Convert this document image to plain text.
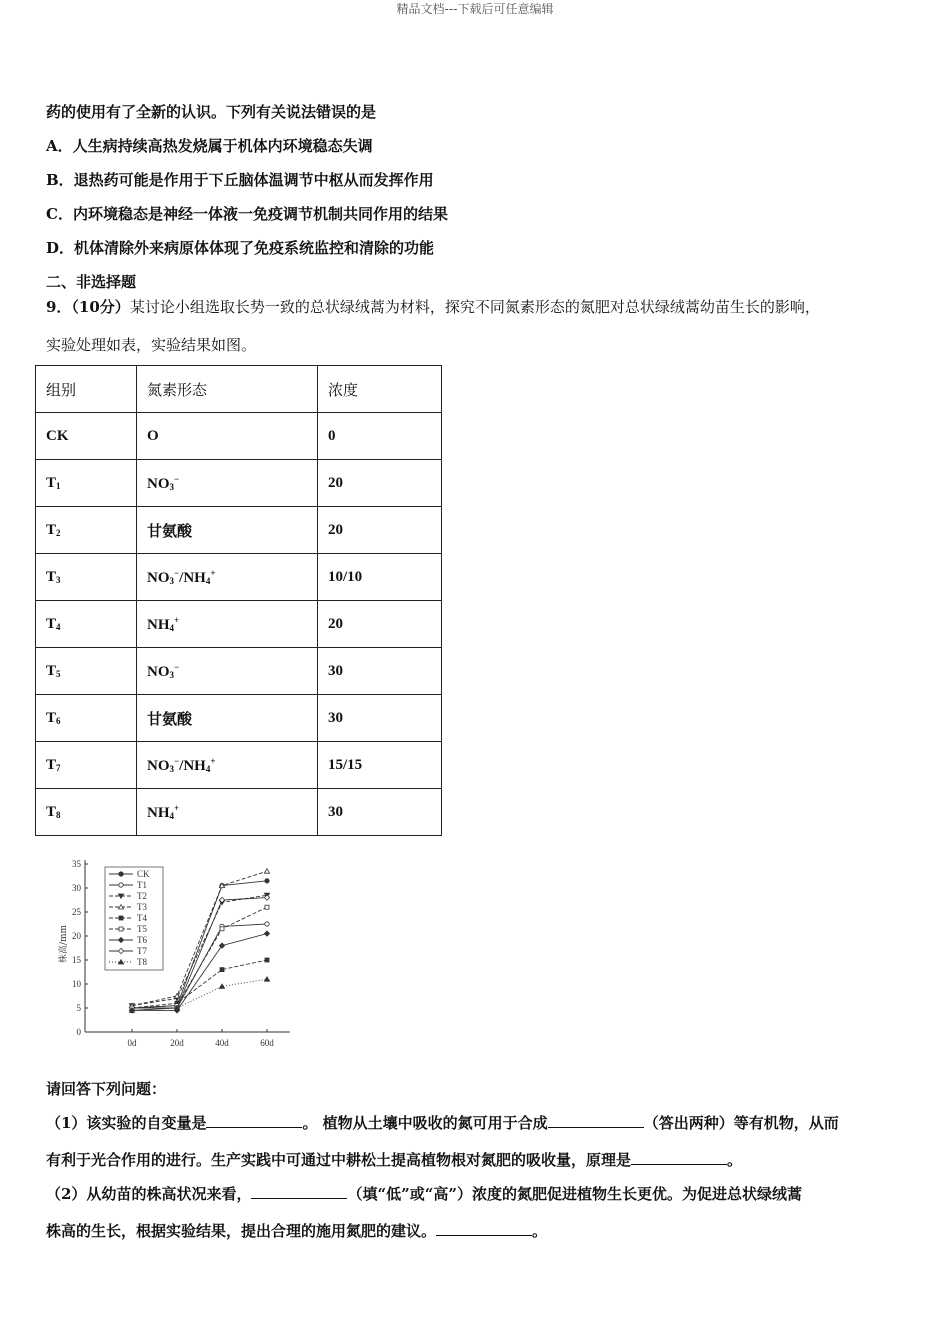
精品文档---下载后可任意编辑
药的使用有了全新的认识。下列有关说法错误的是
A．人生病持续高热发烧属于机体内环境稳态失调
B．退热药可能是作用于下丘脑体温调节中枢从而发挥作用
C．内环境稳态是神经一体液一免疫调节机制共同作用的结果
D．机体清除外来病原体体现了免疫系统监控和清除的功能
二、非选择题
9．（10分）某讨论小组选取长势一致的总状绿绒蒿为材料，探究不同氮素形态的氮肥对总状绿绒蒿幼苗生长的影响，
实验处理如表，实验结果如图。
组别	氮素形态	浓度
CK	O	0
$T_1$	$NO_3^-$	20
$T_2$	甘氨酸	20
$T_3$	$NO_3^-/NH_4^+$	10/10
$T_4$	$NH_4^+$	20
$T_5$	$NO_3^-$	30
$T_6$	甘氨酸	30
$T_7$	$NO_3^-/NH_4^+$	15/15
$T_8$	$NH_4^+$	30
0
5
10
15
20
25
30
35
0d	20d	40d	60d
株高/mm
CK
T1
T2
T3
T4
T5
T6
T7
T8
请回答下列问题：
（1）该实验的自变量是	。 植物从土壤中吸收的氮可用于合成	（答出两种）等有机物，从而
有利于光合作用的进行。生产实践中可通过中耕松土提高植物根对氮肥的吸收量，原理是	。
（2）从幼苗的株高状况来看，	（填“低”或“高”）浓度的氮肥促进植物生长更优。为促进总状绿绒蒿
株高的生长，根据实验结果，提出合理的施用氮肥的建议。	。
